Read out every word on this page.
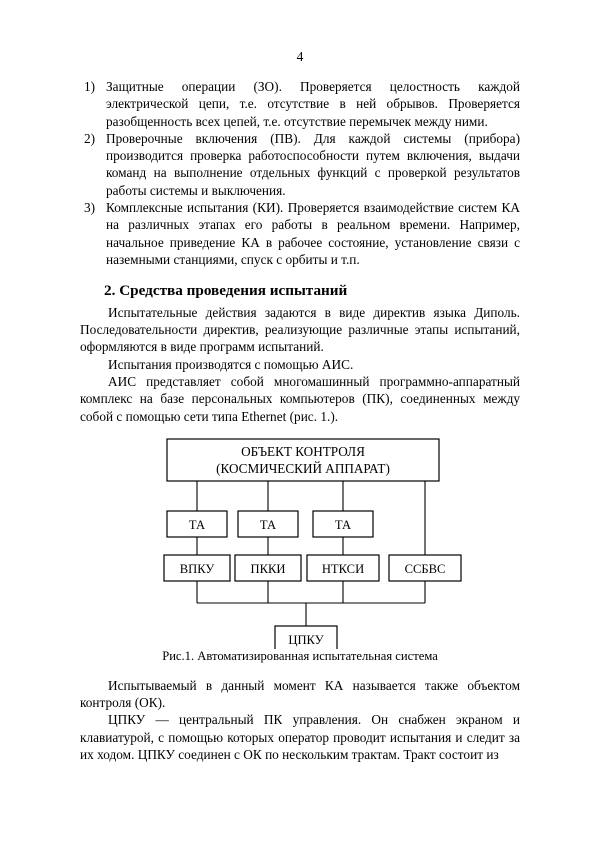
4
1) Защитные операции (ЗО). Проверяется целостность каждой электрической цепи, т.е. отсутствие в ней обрывов. Проверяется разобщенность всех цепей, т.е. отсутствие перемычек между ними.
2) Проверочные включения (ПВ). Для каждой системы (прибора) производится проверка работоспособности путем включения, выдачи команд на выполнение отдельных функций с проверкой результатов работы системы и выключения.
3) Комплексные испытания (КИ). Проверяется взаимодействие систем КА на различных этапах его работы в реальном времени. Например, начальное приведение КА в рабочее состояние, установление связи с наземными станциями, спуск с орбиты и т.п.
2. Средства проведения испытаний

Испытательные действия задаются в виде директив языка Диполь. Последовательности директив, реализующие различные этапы испытаний, оформляются в виде программ испытаний.

Испытания производятся с помощью АИС.

АИС представляет собой многомашинный программно-аппаратный комплекс на базе персональных компьютеров (ПК), соединенных между собой с помощью сети типа Ethernet (рис. 1.).

ОБЪЕКТ КОНТРОЛЯ
(КОСМИЧЕСКИЙ АППАРАТ)
ТА	ТА	ТА
ВПКУ	ПККИ	НТКСИ	ССБВС
ЦПКУ
Рис.1. Автоматизированная испытательная система

Испытываемый в данный момент КА называется также объектом контроля (ОК).

ЦПКУ — центральный ПК управления. Он снабжен экраном и клавиатурой, с помощью которых оператор проводит испытания и следит за их ходом. ЦПКУ соединен с ОК по нескольким трактам. Тракт состоит из
